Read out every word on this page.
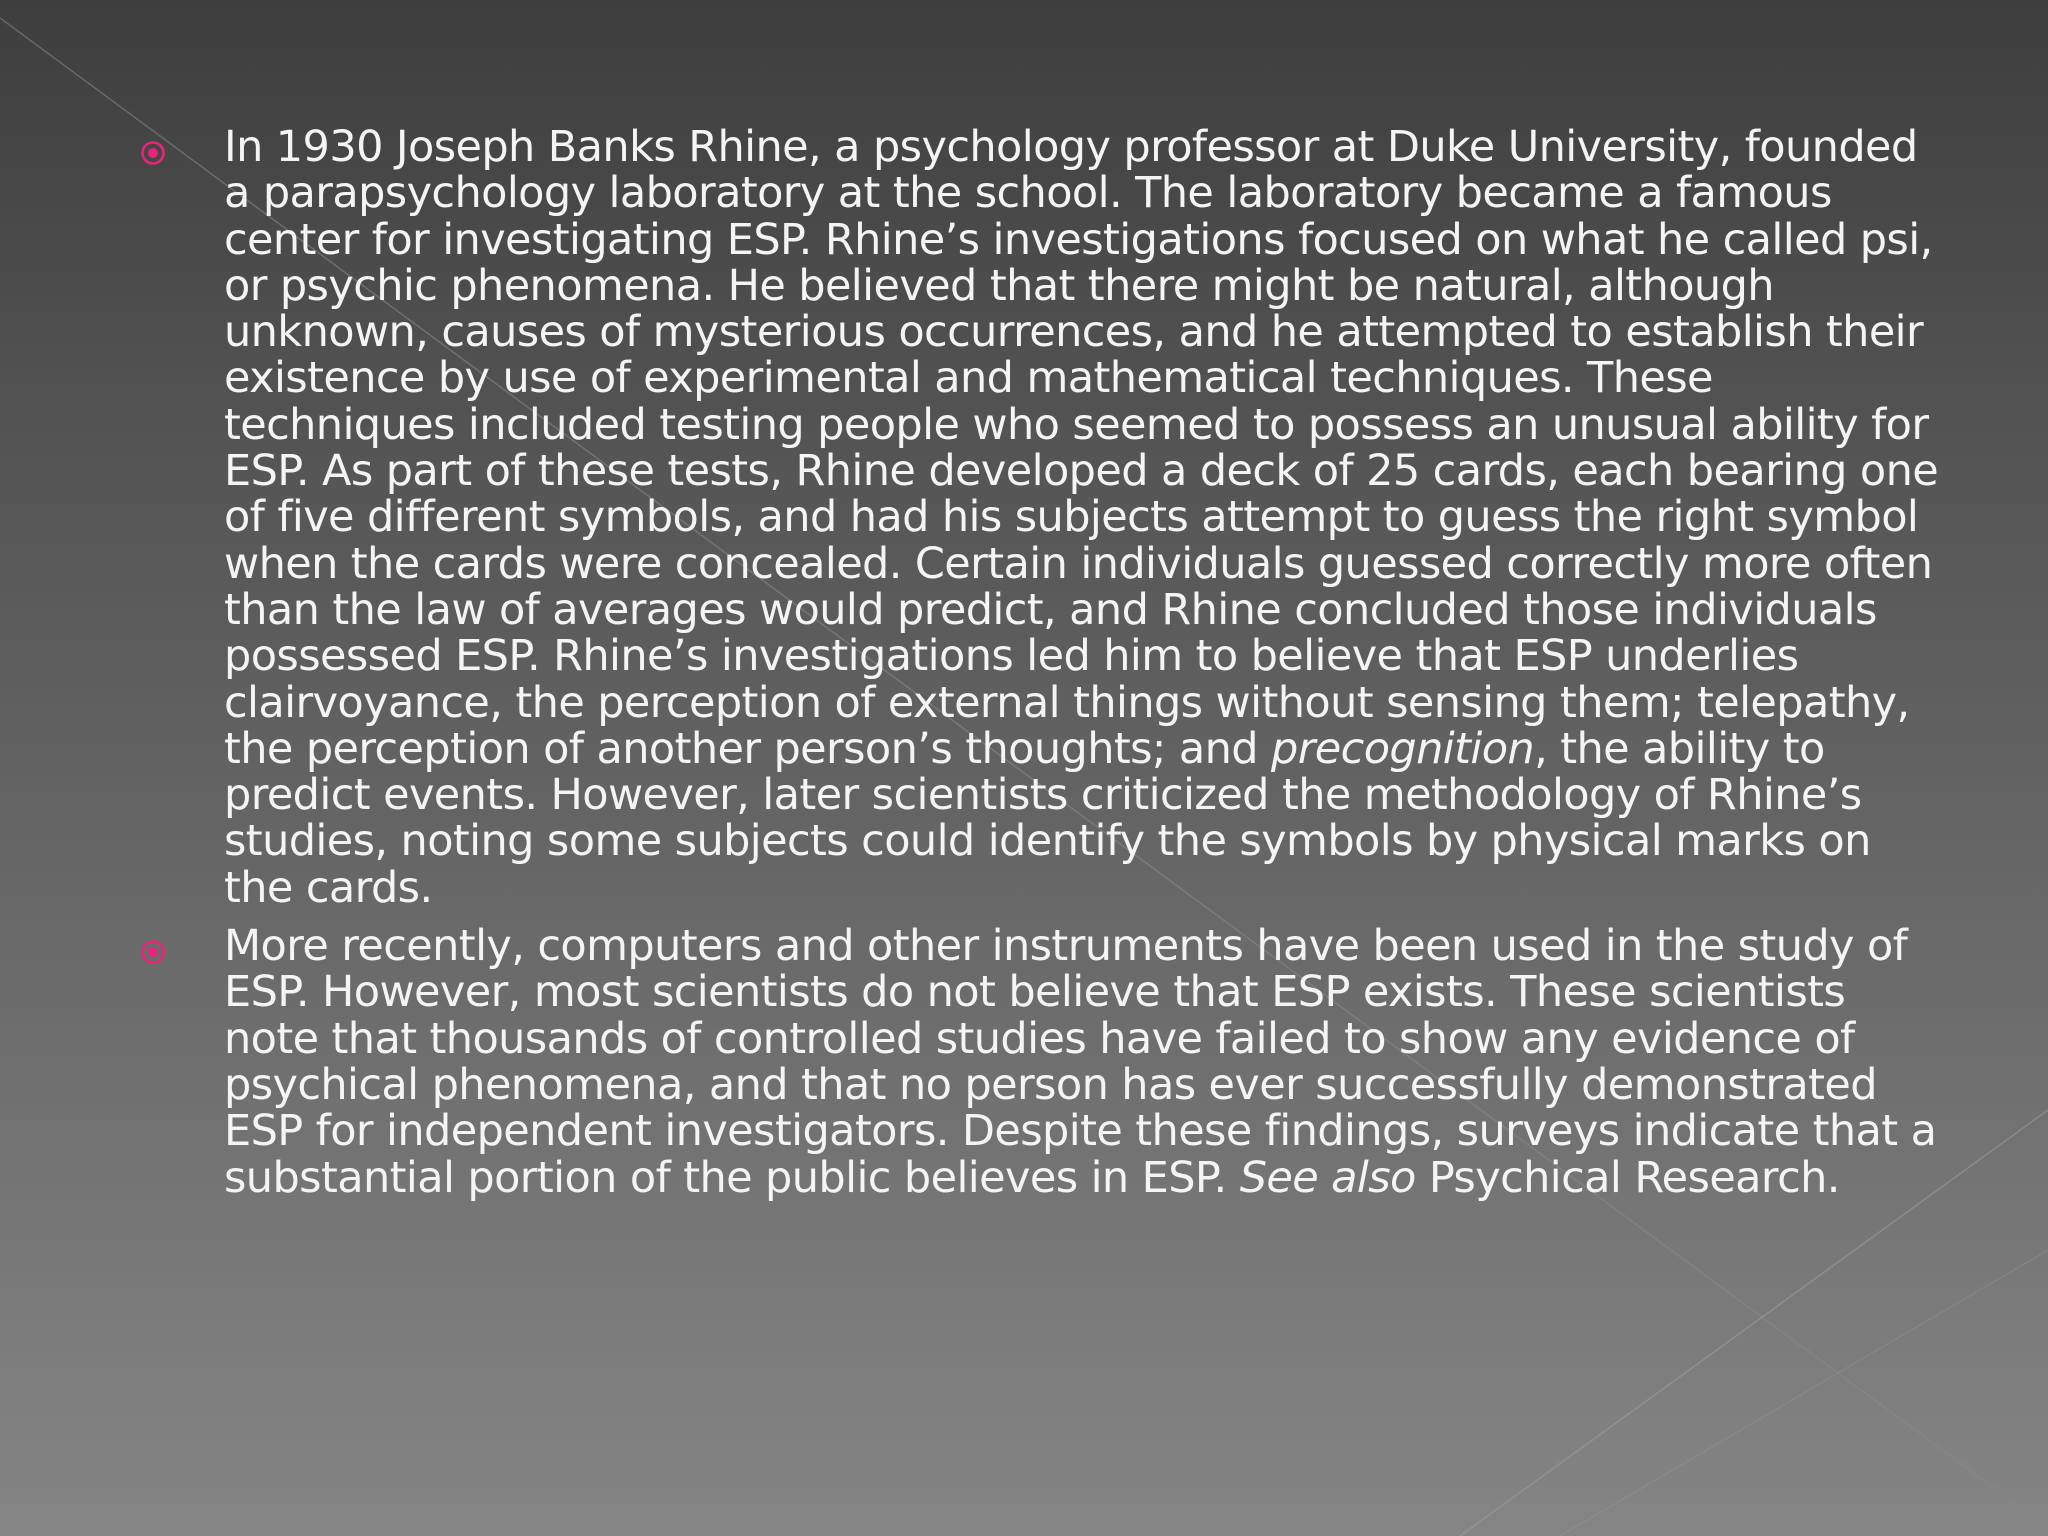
In 1930 Joseph Banks Rhine, a psychology professor at Duke University, founded a parapsychology laboratory at the school. The laboratory became a famous center for investigating ESP. Rhine’s investigations focused on what he called psi, or psychic phenomena. He believed that there might be natural, although unknown, causes of mysterious occurrences, and he attempted to establish their existence by use of experimental and mathematical techniques. These techniques included testing people who seemed to possess an unusual ability for ESP. As part of these tests, Rhine developed a deck of 25 cards, each bearing one of five different symbols, and had his subjects attempt to guess the right symbol when the cards were concealed. Certain individuals guessed correctly more often than the law of averages would predict, and Rhine concluded those individuals possessed ESP. Rhine’s investigations led him to believe that ESP underlies clairvoyance, the perception of external things without sensing them; telepathy, the perception of another person’s thoughts; and precognition, the ability to predict events. However, later scientists criticized the methodology of Rhine’s studies, noting some subjects could identify the symbols by physical marks on the cards.
More recently, computers and other instruments have been used in the study of ESP. However, most scientists do not believe that ESP exists. These scientists note that thousands of controlled studies have failed to show any evidence of psychical phenomena, and that no person has ever successfully demonstrated ESP for independent investigators. Despite these findings, surveys indicate that a substantial portion of the public believes in ESP. See also Psychical Research.
